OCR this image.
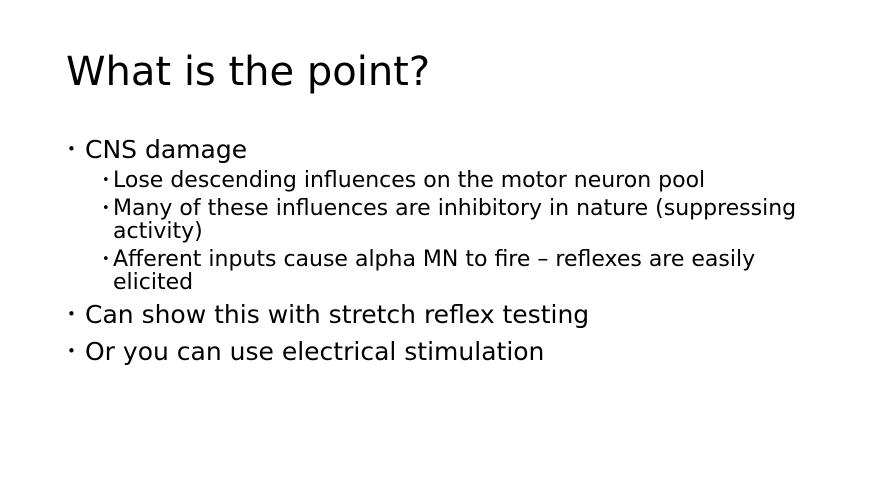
What is the point?
• CNS damage
• Lose descending influences on the motor neuron pool
• Many of these influences are inhibitory in nature (suppressing
activity)
• Afferent inputs cause alpha MN to fire – reflexes are easily
elicited
• Can show this with stretch reflex testing
• Or you can use electrical stimulation
